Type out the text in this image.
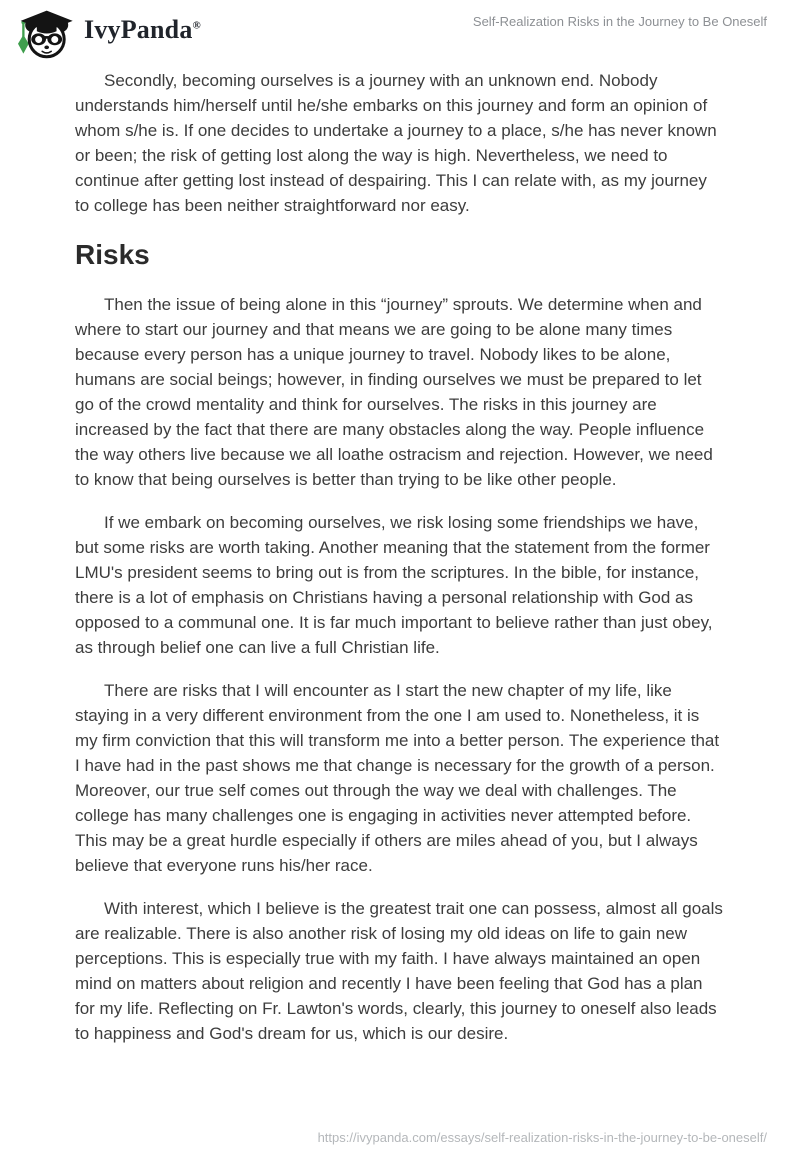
IvyPanda®	Self-Realization Risks in the Journey to Be Oneself

Secondly, becoming ourselves is a journey with an unknown end. Nobody understands him/herself until he/she embarks on this journey and form an opinion of whom s/he is. If one decides to undertake a journey to a place, s/he has never known or been; the risk of getting lost along the way is high. Nevertheless, we need to continue after getting lost instead of despairing. This I can relate with, as my journey to college has been neither straightforward nor easy.

Risks

Then the issue of being alone in this “journey” sprouts. We determine when and where to start our journey and that means we are going to be alone many times because every person has a unique journey to travel. Nobody likes to be alone, humans are social beings; however, in finding ourselves we must be prepared to let go of the crowd mentality and think for ourselves. The risks in this journey are increased by the fact that there are many obstacles along the way. People influence the way others live because we all loathe ostracism and rejection. However, we need to know that being ourselves is better than trying to be like other people.

If we embark on becoming ourselves, we risk losing some friendships we have, but some risks are worth taking. Another meaning that the statement from the former LMU's president seems to bring out is from the scriptures. In the bible, for instance, there is a lot of emphasis on Christians having a personal relationship with God as opposed to a communal one. It is far much important to believe rather than just obey, as through belief one can live a full Christian life.

There are risks that I will encounter as I start the new chapter of my life, like staying in a very different environment from the one I am used to. Nonetheless, it is my firm conviction that this will transform me into a better person. The experience that I have had in the past shows me that change is necessary for the growth of a person. Moreover, our true self comes out through the way we deal with challenges. The college has many challenges one is engaging in activities never attempted before. This may be a great hurdle especially if others are miles ahead of you, but I always believe that everyone runs his/her race.

With interest, which I believe is the greatest trait one can possess, almost all goals are realizable. There is also another risk of losing my old ideas on life to gain new perceptions. This is especially true with my faith. I have always maintained an open mind on matters about religion and recently I have been feeling that God has a plan for my life. Reflecting on Fr. Lawton's words, clearly, this journey to oneself also leads to happiness and God's dream for us, which is our desire.

https://ivypanda.com/essays/self-realization-risks-in-the-journey-to-be-oneself/
